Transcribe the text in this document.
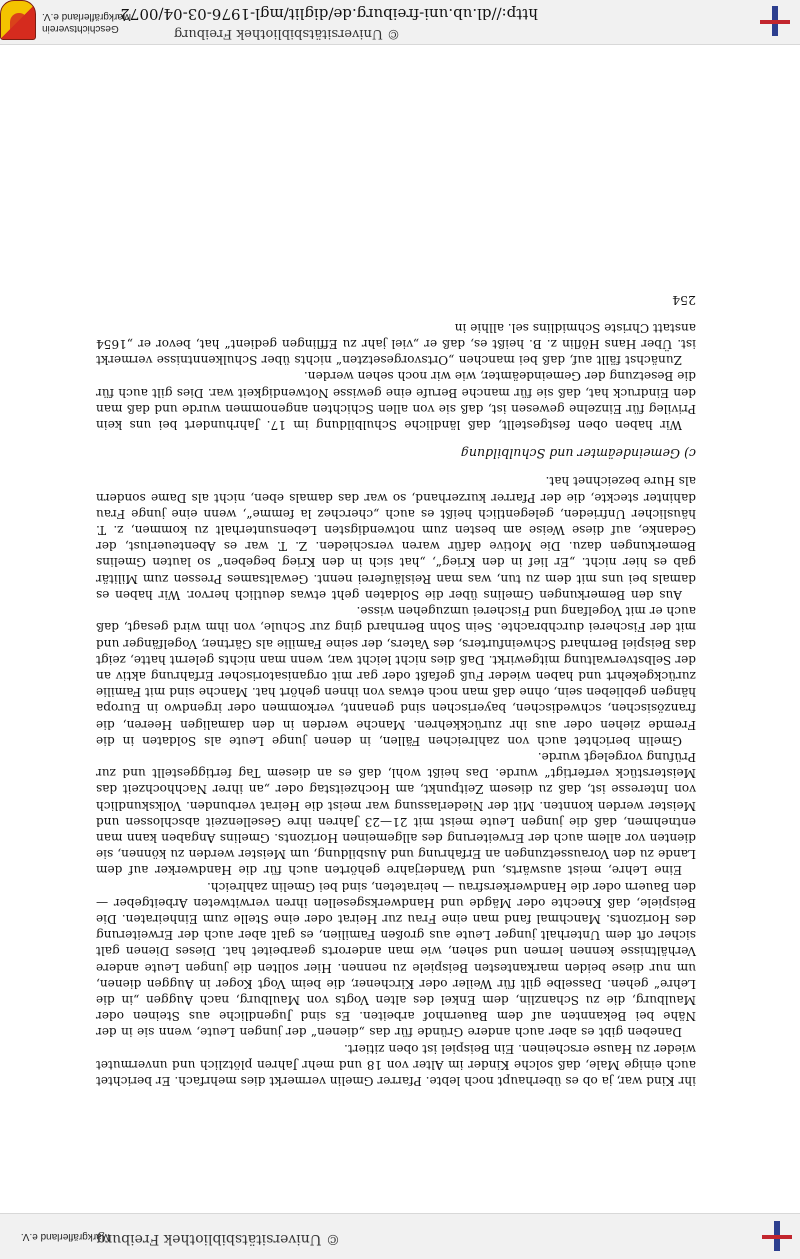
© Universitätsbibliothek Freiburg
Markgräflerland e.V.

ihr Kind war, ja ob es überhaupt noch lebte. Pfarrer Gmelin vermerkt dies mehrfach. Er berichtet auch einige Male, daß solche Kinder im Alter von 18 und mehr Jahren plötzlich und unvermutet wieder zu Hause erscheinen. Ein Beispiel ist oben zitiert.

Daneben gibt es aber auch andere Gründe für das „dienen“ der jungen Leute, wenn sie in der Nähe bei Bekannten auf dem Bauernhof arbeiten. Es sind Jugendliche aus Steinen oder Maulburg, die zu Schanzlin, dem Enkel des alten Vogts von Maulburg, nach Auggen „in die Lehre“ gehen. Dasselbe gilt für Weiler oder Kirchener, die beim Vogt Koger in Auggen dienen, um nur diese beiden markantesten Beispiele zu nennen. Hier sollten die jungen Leute andere Verhältnisse kennen lernen und sehen, wie man anderorts gearbeitet hat. Dieses Dienen galt sicher oft dem Unterhalt junger Leute aus großen Familien, es galt aber auch der Erweiterung des Horizonts. Manchmal fand man eine Frau zur Heirat oder eine Stelle zum Einheiraten. Die Beispiele, daß Knechte oder Mägde und Handwerksgesellen ihren verwitweten Arbeitgeber — den Bauern oder die Handwerkersfrau — heirateten, sind bei Gmelin zahlreich.

Eine Lehre, meist auswärts, und Wanderjahre gehörten auch für die Handwerker auf dem Lande zu den Voraussetzungen an Erfahrung und Ausbildung, um Meister werden zu können, sie dienten vor allem auch der Erweiterung des allgemeinen Horizonts. Gmelins Angaben kann man entnehmen, daß die jungen Leute meist mit 21—23 Jahren ihre Gesellenzeit abschlossen und Meister werden konnten. Mit der Niederlassung war meist die Heirat verbunden. Volkskundlich von Interesse ist, daß zu diesem Zeitpunkt, am Hochzeitstag oder „an ihrer Nachhochzeit das Meisterstück verfertigt“ wurde. Das heißt wohl, daß es an diesem Tag fertiggestellt und zur Prüfung vorgelegt wurde.

Gmelin berichtet auch von zahlreichen Fällen, in denen junge Leute als Soldaten in die Fremde ziehen oder aus ihr zurückkehren. Manche werden in den damaligen Heeren, die französischen, schwedischen, bayerischen sind genannt, verkommen oder irgendwo in Europa hängen geblieben sein, ohne daß man noch etwas von ihnen gehört hat. Manche sind mit Familie zurückgekehrt und haben wieder Fuß gefaßt oder gar mit organisatorischer Erfahrung aktiv an der Selbstverwaltung mitgewirkt. Daß dies nicht leicht war, wenn man nichts gelernt hatte, zeigt das Beispiel Bernhard Schweinfurters, des Vaters, der seine Familie als Gärtner, Vogelfänger und mit der Fischerei durchbrachte. Sein Sohn Bernhard ging zur Schule, von ihm wird gesagt, daß auch er mit Vogelfang und Fischerei umzugehen wisse.

Aus den Bemerkungen Gmelins über die Soldaten geht etwas deutlich hervor. Wir haben es damals bei uns mit dem zu tun, was man Reisläuferei nennt. Gewaltsames Pressen zum Militär gab es hier nicht. „Er lief in den Krieg“, „hat sich in den Krieg begeben“ so lauten Gmelins Bemerkungen dazu. Die Motive dafür waren verschieden. Z. T. war es Abenteuerlust, der Gedanke, auf diese Weise am besten zum notwendigsten Lebensunterhalt zu kommen, z. T. häuslicher Unfrieden, gelegentlich heißt es auch „cherchez la femme“, wenn eine junge Frau dahinter steckte, die der Pfarrer kurzerhand, so war das damals eben, nicht als Dame sondern als Hure bezeichnet hat.

c) Gemeindeämter und Schulbildung

Wir haben oben festgestellt, daß ländliche Schulbildung im 17. Jahrhundert bei uns kein Privileg für Einzelne gewesen ist, daß sie von allen Schichten angenommen wurde und daß man den Eindruck hat, daß sie für manche Berufe eine gewisse Notwendigkeit war. Dies gilt auch für die Besetzung der Gemeindeämter, wie wir noch sehen werden.

Zunächst fällt auf, daß bei manchen „Ortsvorgesetzten“ nichts über Schulkenntnisse vermerkt ist. Über Hans Höflin z. B. heißt es, daß er „viel jahr zu Efflingen gedient“ hat, bevor er „1654 anstatt Christe Schmidlins sel. allhie in

254
Geschichtsverein
Markgräflerland e.V.
© Universitätsbibliothek Freiburg
http://dl.ub.uni-freiburg.de/diglit/mgl-1976-03-04/0072
